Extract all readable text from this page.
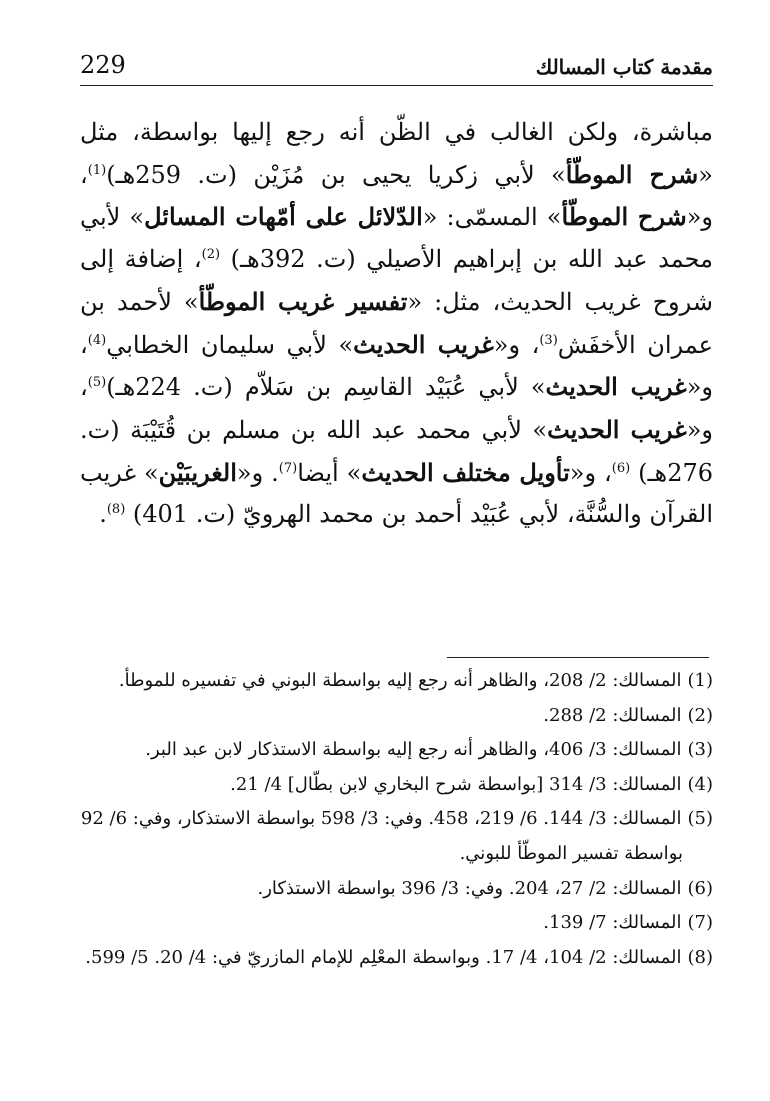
229	مقدمة كتاب المسالك
مباشرة، ولكن الغالب في الظّن أنه رجع إليها بواسطة، مثل «شرح الموطّأ» لأبي زكريا يحيى بن مُزَيْن (ت. 259هـ)$^{(1)}$، و«شرح الموطّأ» المسمّى: «الدّلائل على أمّهات المسائل» لأبي محمد عبد الله بن إبراهيم الأصيلي (ت. 392هـ) $^{(2)}$، إضافة إلى شروح غريب الحديث، مثل: «تفسير غريب الموطّأ» لأحمد بن عمران الأخفَش$^{(3)}$، و«غريب الحديث» لأبي سليمان الخطابي$^{(4)}$، و«غريب الحديث» لأبي عُبَيْد القاسِم بن سَلاّم (ت. 224هـ)$^{(5)}$، و«غريب الحديث» لأبي محمد عبد الله بن مسلم بن قُتَيْبَة (ت. 276هـ) $^{(6)}$، و«تأويل مختلف الحديث» أيضا$^{(7)}$. و«الغريبَيْن» غريب القرآن والسُّنَّة، لأبي عُبَيْد أحمد بن محمد الهرويّ (ت. 401) $^{(8)}$.
(1)المسالك: 2/ 208، والظاهر أنه رجع إليه بواسطة البوني في تفسيره للموطأ.
(2)المسالك: 2/ 288.
(3)المسالك: 3/ 406، والظاهر أنه رجع إليه بواسطة الاستذكار لابن عبد البر.
(4)المسالك: 3/ 314 [بواسطة شرح البخاري لابن بطّال] 4/ 21.
(5)المسالك: 3/ 144. 6/ 219، 458. وفي: 3/ 598 بواسطة الاستذكار، وفي: 6/ 92
بواسطة تفسير الموطّأ للبوني.
(6)المسالك: 2/ 27، 204. وفي: 3/ 396 بواسطة الاستذكار.
(7)المسالك: 7/ 139.
(8)المسالك: 2/ 104، 4/ 17. وبواسطة المعْلِم للإمام المازريّ في: 4/ 20. 5/ 599.
